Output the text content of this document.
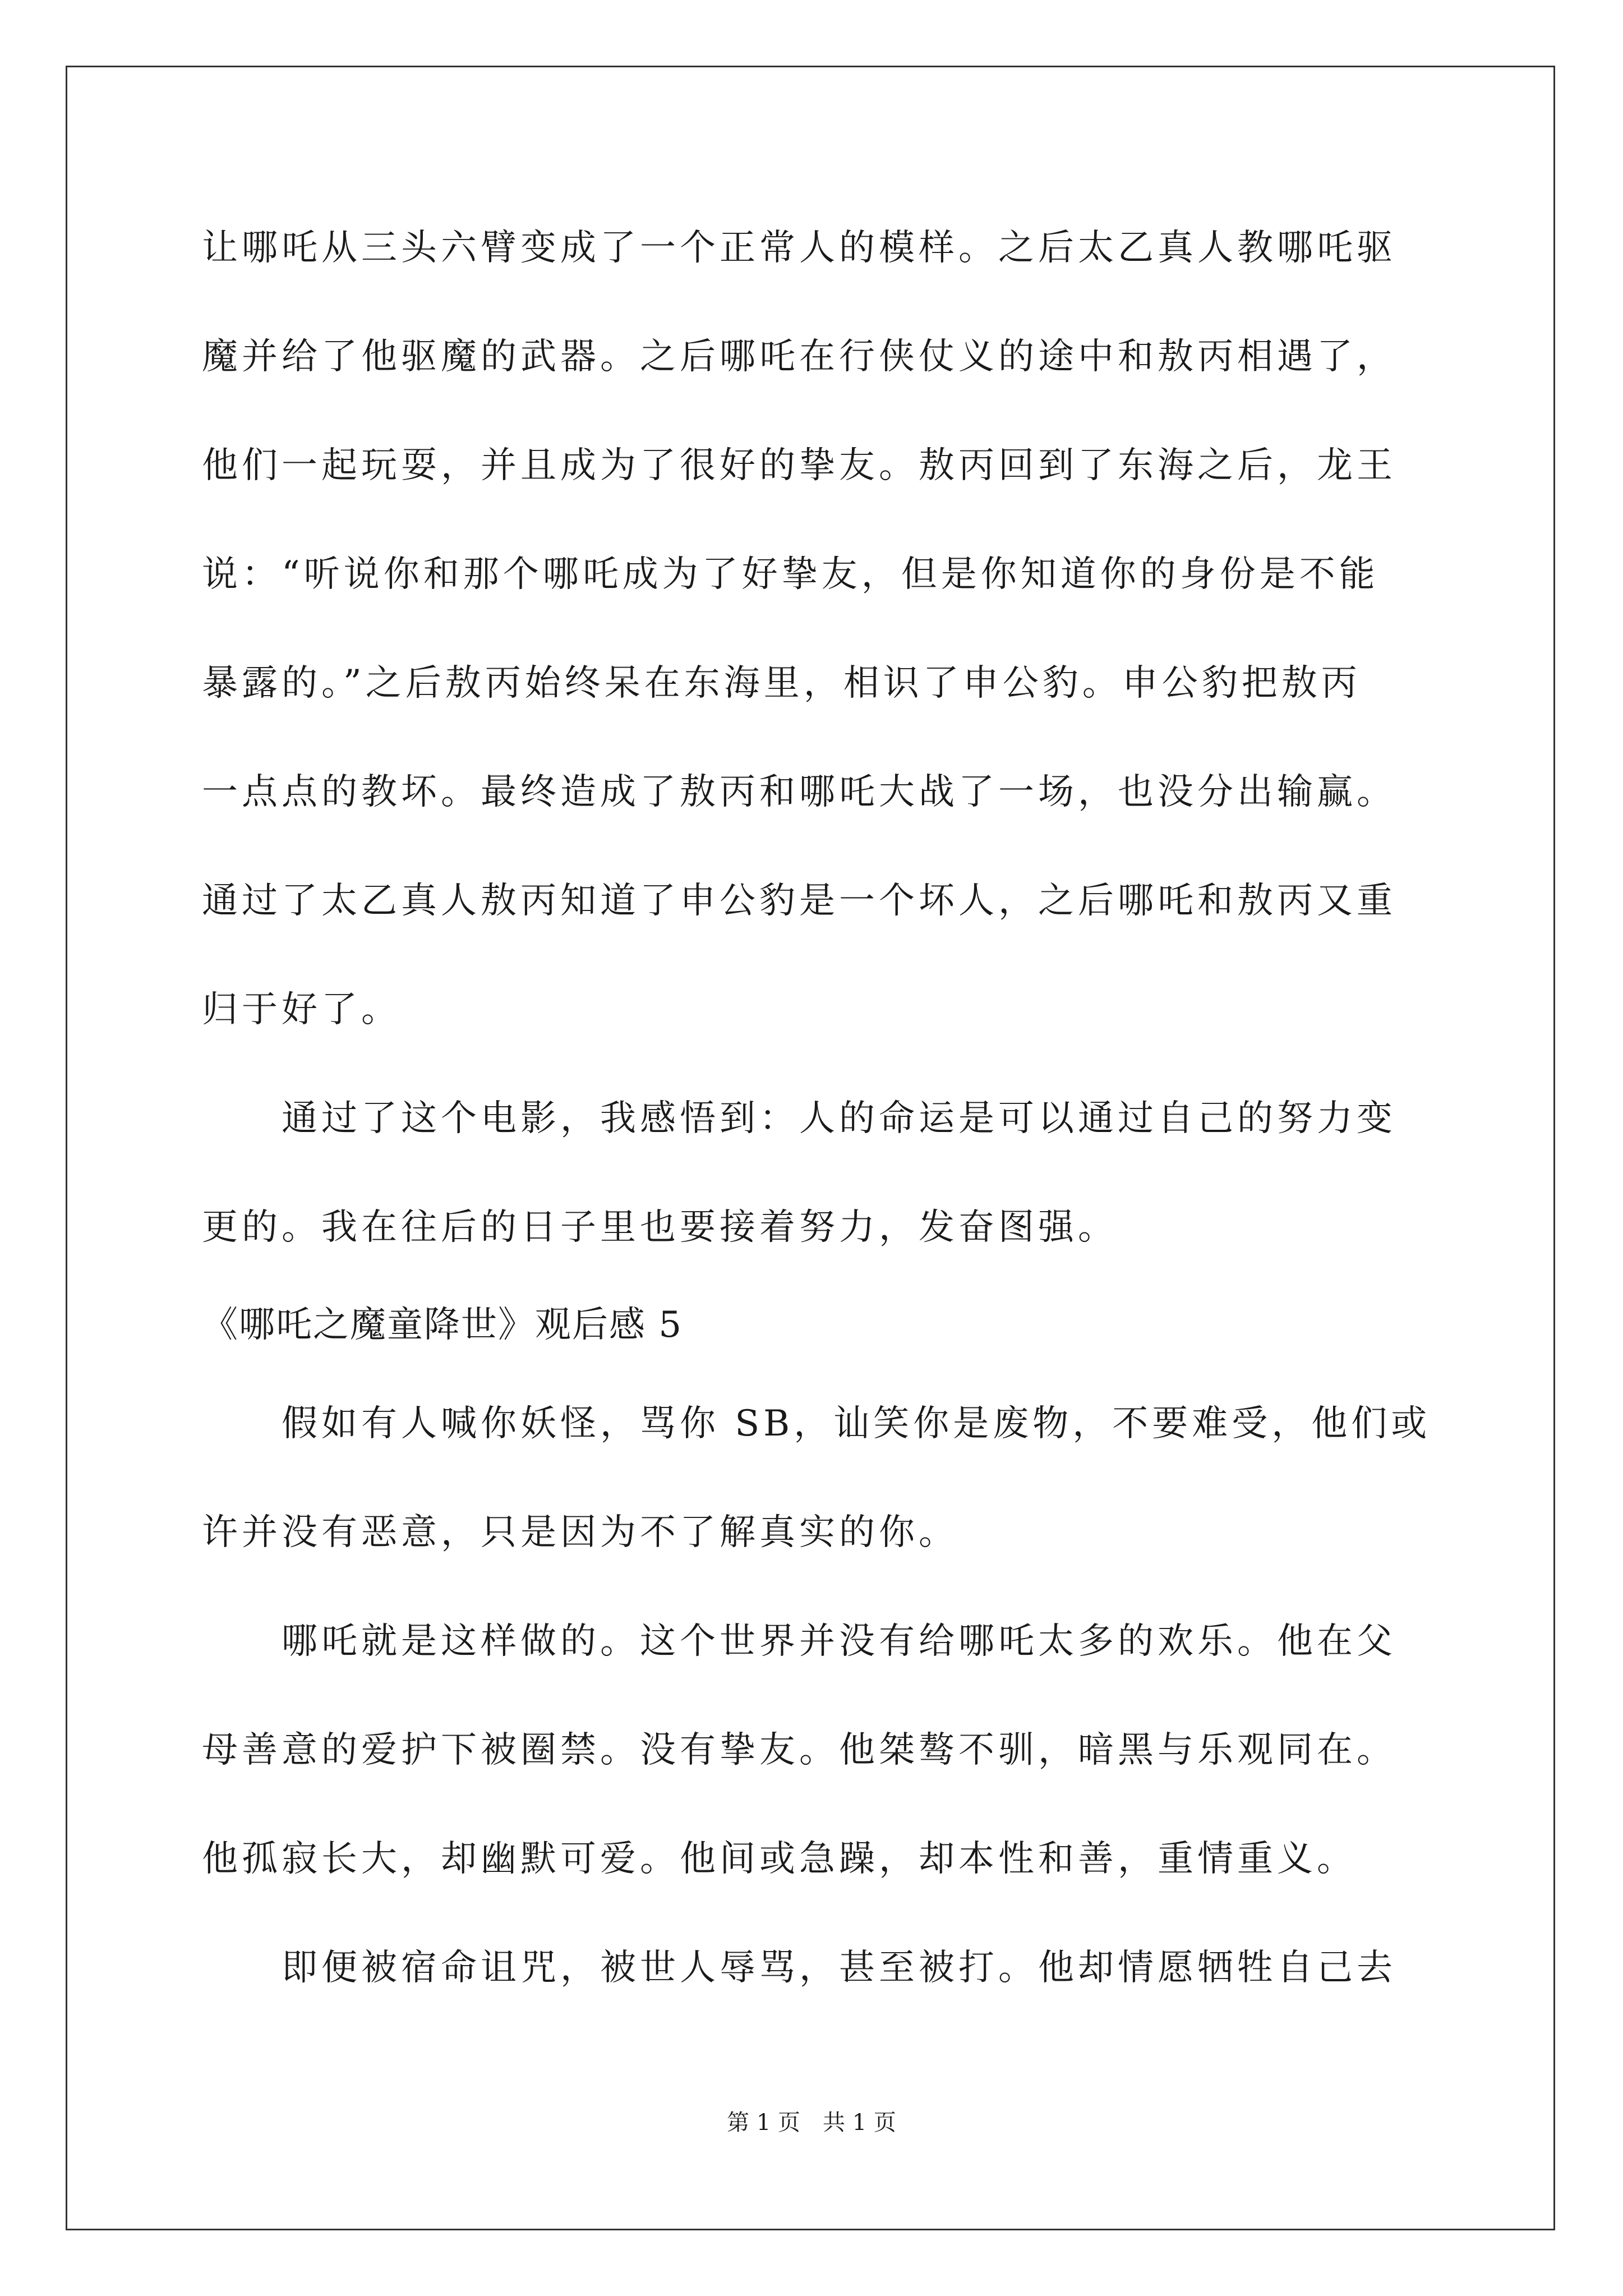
让哪吒从三头六臂变成了一个正常人的模样。之后太乙真人教哪吒驱
魔并给了他驱魔的武器。之后哪吒在行侠仗义的途中和敖丙相遇了，
他们一起玩耍，并且成为了很好的挚友。敖丙回到了东海之后，龙王
说：“听说你和那个哪吒成为了好挚友，但是你知道你的身份是不能
暴露的。”之后敖丙始终呆在东海里，相识了申公豹。申公豹把敖丙
一点点的教坏。最终造成了敖丙和哪吒大战了一场，也没分出输赢。
通过了太乙真人敖丙知道了申公豹是一个坏人，之后哪吒和敖丙又重
归于好了。
　　通过了这个电影，我感悟到：人的命运是可以通过自己的努力变
更的。我在往后的日子里也要接着努力，发奋图强。
《哪吒之魔童降世》观后感 5
　　假如有人喊你妖怪，骂你 SB，讪笑你是废物，不要难受，他们或
许并没有恶意，只是因为不了解真实的你。
　　哪吒就是这样做的。这个世界并没有给哪吒太多的欢乐。他在父
母善意的爱护下被圈禁。没有挚友。他桀骜不驯，暗黑与乐观同在。
他孤寂长大，却幽默可爱。他间或急躁，却本性和善，重情重义。
　　即便被宿命诅咒，被世人辱骂，甚至被打。他却情愿牺牲自己去
第 1 页　共 1 页
